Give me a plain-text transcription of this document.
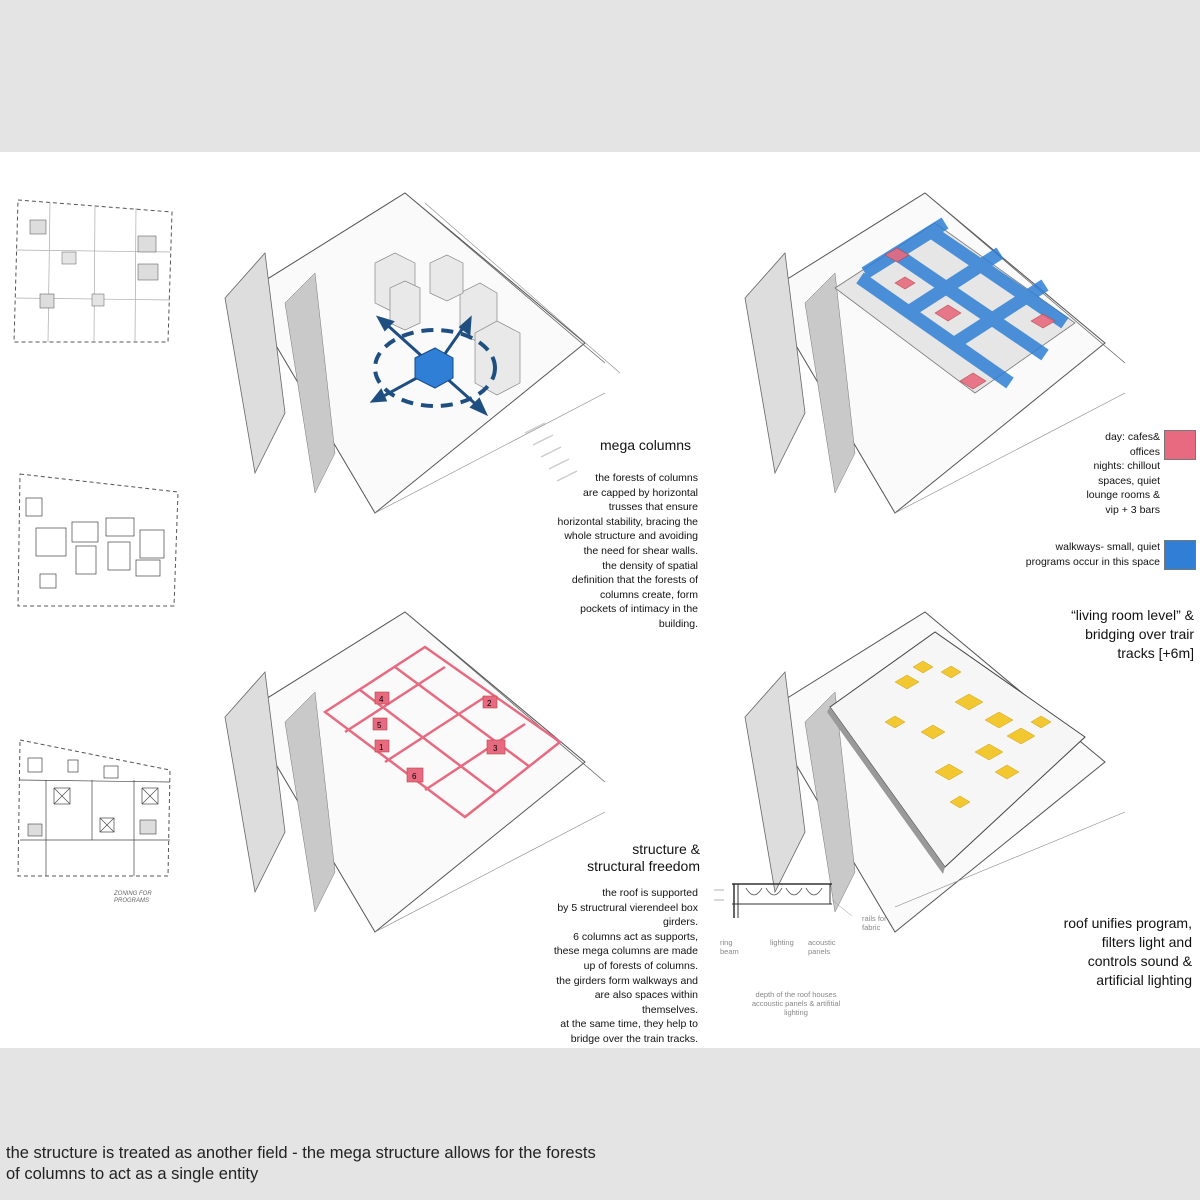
ZONING FOR
PROGRAMS
mega columns
the forests of columns
are capped by horizontal
trusses that ensure
horizontal stability, bracing the
whole structure and avoiding
the need for shear walls.
the density of spatial
definition that the forests of
columns create, form
pockets of intimacy in the
building.
day: cafes&
offices
nights: chillout
spaces, quiet
lounge rooms &
vip + 3 bars
walkways- small, quiet
programs occur in this space
“living room level” &
bridging over trair
tracks [+6m]
4	2
3
5
1
6
structure &
structural freedom
the roof is supported
by 5 structrural vierendeel box
girders.
6 columns act as supports,
these mega columns are made
up of forests of columns.
the girders form walkways and
are also spaces within
themselves.
at the same time, they help to
bridge over the train tracks.
roof unifies program,
filters light and
controls sound &
artificial lighting
ring
beam
lighting acoustic
panels
rails for
fabric
depth of the roof houses
accoustic panels & artifitial
lighting
the structure is treated as another field - the mega structure allows for the forests
of columns to act as a single entity
